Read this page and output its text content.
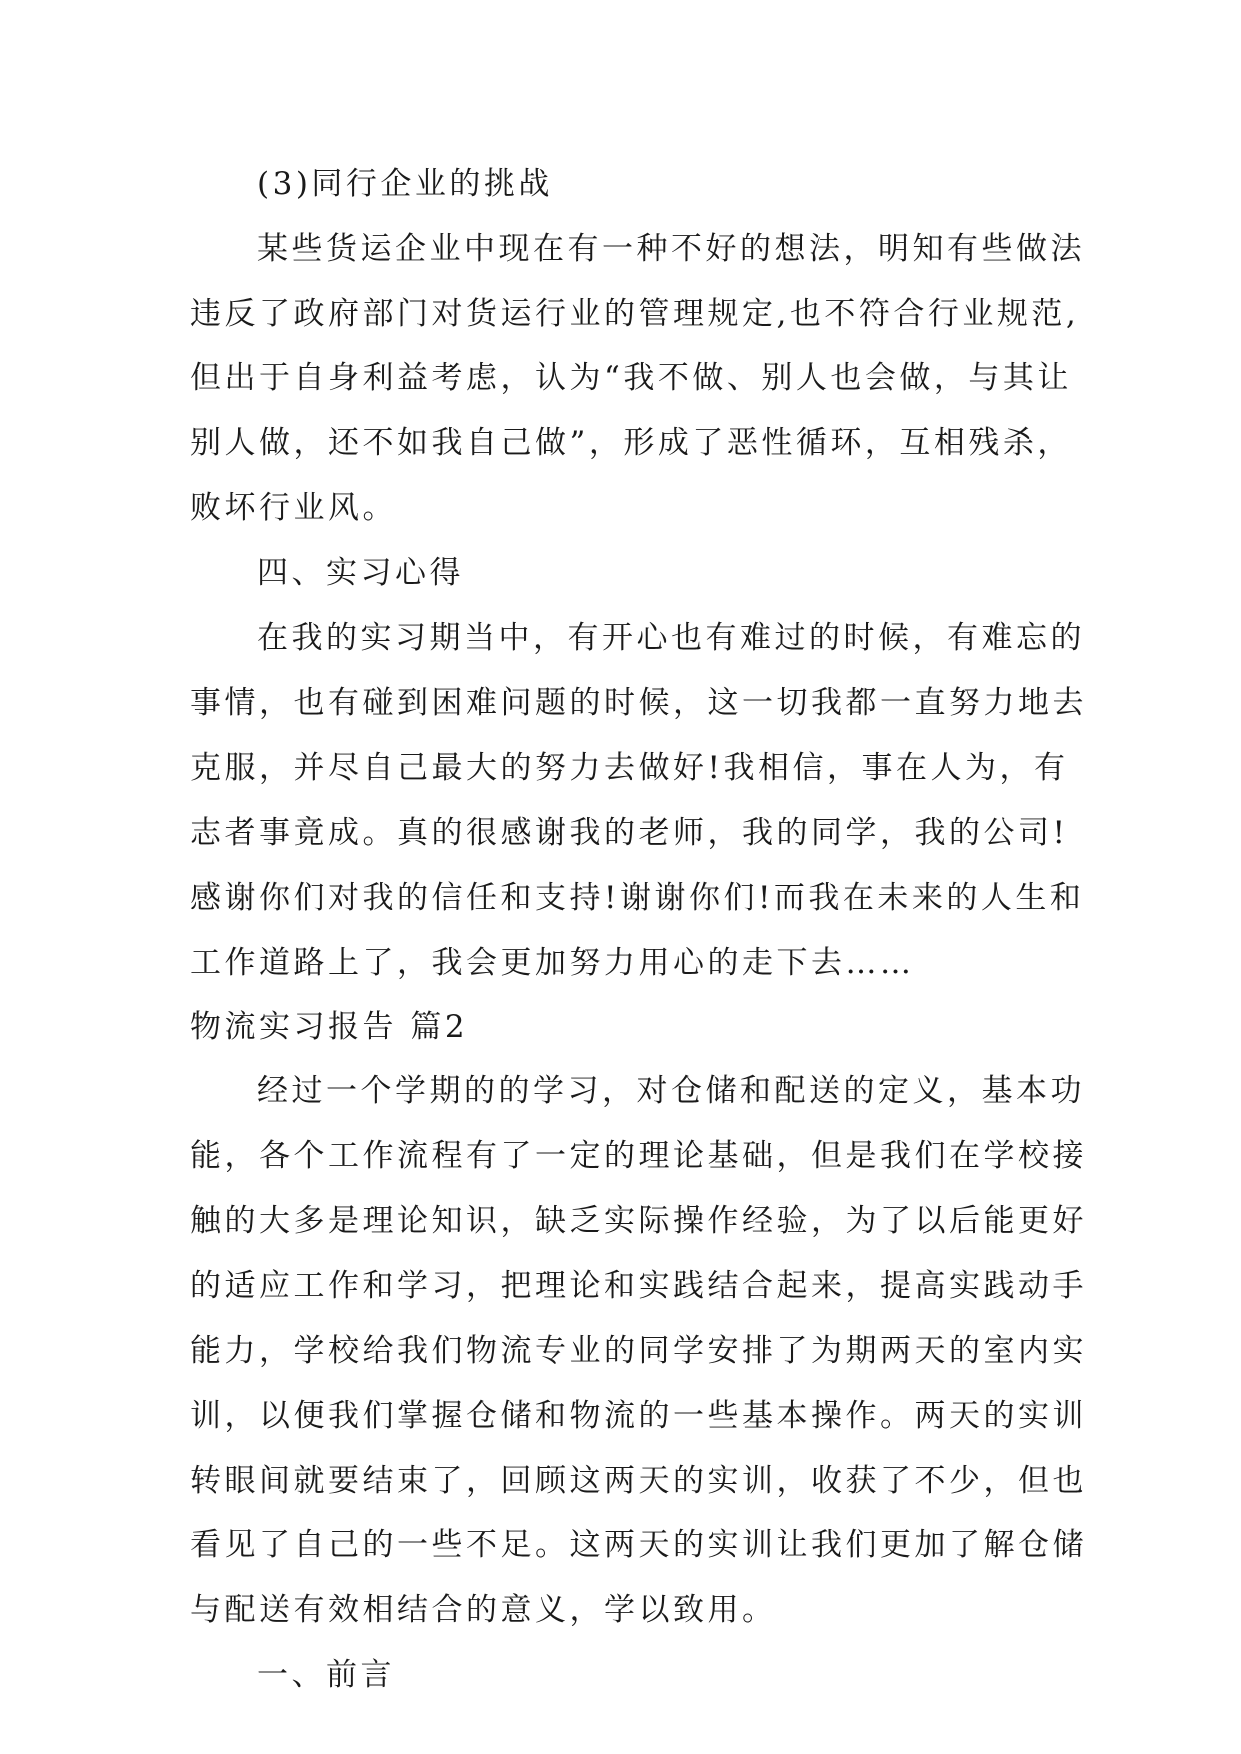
(3)同行企业的挑战
某些货运企业中现在有一种不好的想法，明知有些做法
违反了政府部门对货运行业的管理规定,也不符合行业规范,
但出于自身利益考虑，认为“我不做、别人也会做，与其让
别人做，还不如我自己做”，形成了恶性循环，互相残杀，
败坏行业风。
四、实习心得
在我的实习期当中，有开心也有难过的时候，有难忘的
事情，也有碰到困难问题的时候，这一切我都一直努力地去
克服，并尽自己最大的努力去做好!我相信，事在人为，有
志者事竟成。真的很感谢我的老师，我的同学，我的公司!
感谢你们对我的信任和支持!谢谢你们!而我在未来的人生和
工作道路上了，我会更加努力用心的走下去……
物流实习报告 篇2
经过一个学期的的学习，对仓储和配送的定义，基本功
能，各个工作流程有了一定的理论基础，但是我们在学校接
触的大多是理论知识，缺乏实际操作经验，为了以后能更好
的适应工作和学习，把理论和实践结合起来，提高实践动手
能力，学校给我们物流专业的同学安排了为期两天的室内实
训，以便我们掌握仓储和物流的一些基本操作。两天的实训
转眼间就要结束了，回顾这两天的实训，收获了不少，但也
看见了自己的一些不足。这两天的实训让我们更加了解仓储
与配送有效相结合的意义，学以致用。
一、前言
